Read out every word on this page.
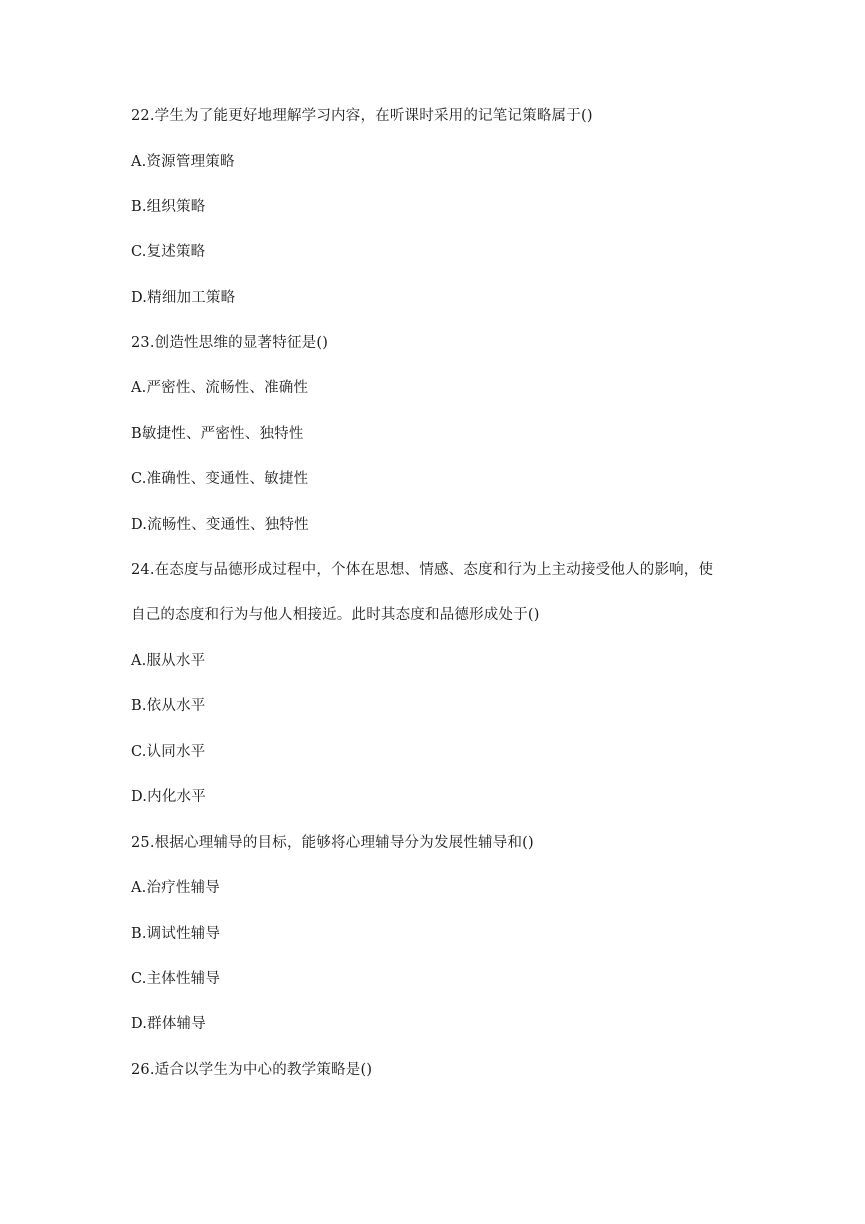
22.学生为了能更好地理解学习内容，在听课时采用的记笔记策略属于()
A.资源管理策略
B.组织策略
C.复述策略
D.精细加工策略
23.创造性思维的显著特征是()
A.严密性、流畅性、准确性
B敏捷性、严密性、独特性
C.准确性、变通性、敏捷性
D.流畅性、变通性、独特性
24.在态度与品德形成过程中，个体在思想、情感、态度和行为上主动接受他人的影响，使
自己的态度和行为与他人相接近。此时其态度和品德形成处于()
A.服从水平
B.依从水平
C.认同水平
D.内化水平
25.根据心理辅导的目标，能够将心理辅导分为发展性辅导和()
A.治疗性辅导
B.调试性辅导
C.主体性辅导
D.群体辅导
26.适合以学生为中心的教学策略是()
